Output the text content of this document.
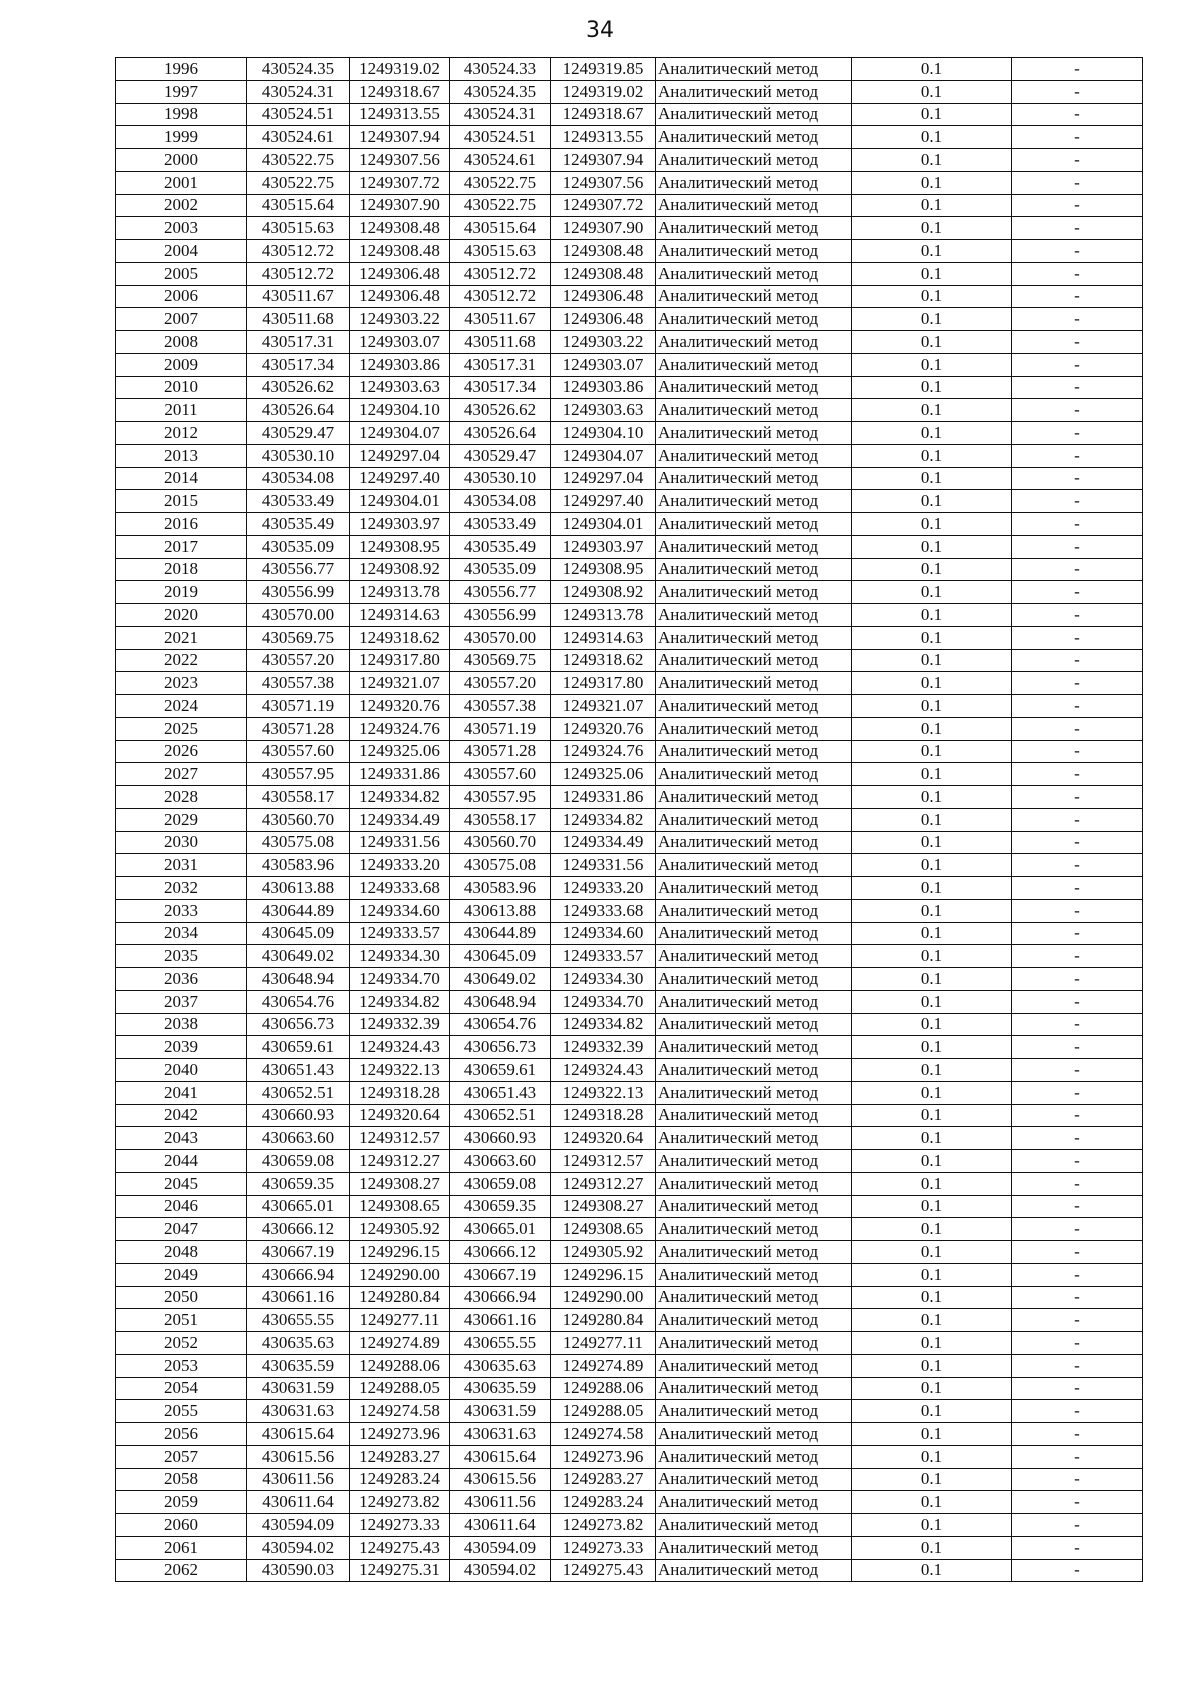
34
1996	430524.35	1249319.02	430524.33	1249319.85	Аналитический метод	0.1	-
1997	430524.31	1249318.67	430524.35	1249319.02	Аналитический метод	0.1	-
1998	430524.51	1249313.55	430524.31	1249318.67	Аналитический метод	0.1	-
1999	430524.61	1249307.94	430524.51	1249313.55	Аналитический метод	0.1	-
2000	430522.75	1249307.56	430524.61	1249307.94	Аналитический метод	0.1	-
2001	430522.75	1249307.72	430522.75	1249307.56	Аналитический метод	0.1	-
2002	430515.64	1249307.90	430522.75	1249307.72	Аналитический метод	0.1	-
2003	430515.63	1249308.48	430515.64	1249307.90	Аналитический метод	0.1	-
2004	430512.72	1249308.48	430515.63	1249308.48	Аналитический метод	0.1	-
2005	430512.72	1249306.48	430512.72	1249308.48	Аналитический метод	0.1	-
2006	430511.67	1249306.48	430512.72	1249306.48	Аналитический метод	0.1	-
2007	430511.68	1249303.22	430511.67	1249306.48	Аналитический метод	0.1	-
2008	430517.31	1249303.07	430511.68	1249303.22	Аналитический метод	0.1	-
2009	430517.34	1249303.86	430517.31	1249303.07	Аналитический метод	0.1	-
2010	430526.62	1249303.63	430517.34	1249303.86	Аналитический метод	0.1	-
2011	430526.64	1249304.10	430526.62	1249303.63	Аналитический метод	0.1	-
2012	430529.47	1249304.07	430526.64	1249304.10	Аналитический метод	0.1	-
2013	430530.10	1249297.04	430529.47	1249304.07	Аналитический метод	0.1	-
2014	430534.08	1249297.40	430530.10	1249297.04	Аналитический метод	0.1	-
2015	430533.49	1249304.01	430534.08	1249297.40	Аналитический метод	0.1	-
2016	430535.49	1249303.97	430533.49	1249304.01	Аналитический метод	0.1	-
2017	430535.09	1249308.95	430535.49	1249303.97	Аналитический метод	0.1	-
2018	430556.77	1249308.92	430535.09	1249308.95	Аналитический метод	0.1	-
2019	430556.99	1249313.78	430556.77	1249308.92	Аналитический метод	0.1	-
2020	430570.00	1249314.63	430556.99	1249313.78	Аналитический метод	0.1	-
2021	430569.75	1249318.62	430570.00	1249314.63	Аналитический метод	0.1	-
2022	430557.20	1249317.80	430569.75	1249318.62	Аналитический метод	0.1	-
2023	430557.38	1249321.07	430557.20	1249317.80	Аналитический метод	0.1	-
2024	430571.19	1249320.76	430557.38	1249321.07	Аналитический метод	0.1	-
2025	430571.28	1249324.76	430571.19	1249320.76	Аналитический метод	0.1	-
2026	430557.60	1249325.06	430571.28	1249324.76	Аналитический метод	0.1	-
2027	430557.95	1249331.86	430557.60	1249325.06	Аналитический метод	0.1	-
2028	430558.17	1249334.82	430557.95	1249331.86	Аналитический метод	0.1	-
2029	430560.70	1249334.49	430558.17	1249334.82	Аналитический метод	0.1	-
2030	430575.08	1249331.56	430560.70	1249334.49	Аналитический метод	0.1	-
2031	430583.96	1249333.20	430575.08	1249331.56	Аналитический метод	0.1	-
2032	430613.88	1249333.68	430583.96	1249333.20	Аналитический метод	0.1	-
2033	430644.89	1249334.60	430613.88	1249333.68	Аналитический метод	0.1	-
2034	430645.09	1249333.57	430644.89	1249334.60	Аналитический метод	0.1	-
2035	430649.02	1249334.30	430645.09	1249333.57	Аналитический метод	0.1	-
2036	430648.94	1249334.70	430649.02	1249334.30	Аналитический метод	0.1	-
2037	430654.76	1249334.82	430648.94	1249334.70	Аналитический метод	0.1	-
2038	430656.73	1249332.39	430654.76	1249334.82	Аналитический метод	0.1	-
2039	430659.61	1249324.43	430656.73	1249332.39	Аналитический метод	0.1	-
2040	430651.43	1249322.13	430659.61	1249324.43	Аналитический метод	0.1	-
2041	430652.51	1249318.28	430651.43	1249322.13	Аналитический метод	0.1	-
2042	430660.93	1249320.64	430652.51	1249318.28	Аналитический метод	0.1	-
2043	430663.60	1249312.57	430660.93	1249320.64	Аналитический метод	0.1	-
2044	430659.08	1249312.27	430663.60	1249312.57	Аналитический метод	0.1	-
2045	430659.35	1249308.27	430659.08	1249312.27	Аналитический метод	0.1	-
2046	430665.01	1249308.65	430659.35	1249308.27	Аналитический метод	0.1	-
2047	430666.12	1249305.92	430665.01	1249308.65	Аналитический метод	0.1	-
2048	430667.19	1249296.15	430666.12	1249305.92	Аналитический метод	0.1	-
2049	430666.94	1249290.00	430667.19	1249296.15	Аналитический метод	0.1	-
2050	430661.16	1249280.84	430666.94	1249290.00	Аналитический метод	0.1	-
2051	430655.55	1249277.11	430661.16	1249280.84	Аналитический метод	0.1	-
2052	430635.63	1249274.89	430655.55	1249277.11	Аналитический метод	0.1	-
2053	430635.59	1249288.06	430635.63	1249274.89	Аналитический метод	0.1	-
2054	430631.59	1249288.05	430635.59	1249288.06	Аналитический метод	0.1	-
2055	430631.63	1249274.58	430631.59	1249288.05	Аналитический метод	0.1	-
2056	430615.64	1249273.96	430631.63	1249274.58	Аналитический метод	0.1	-
2057	430615.56	1249283.27	430615.64	1249273.96	Аналитический метод	0.1	-
2058	430611.56	1249283.24	430615.56	1249283.27	Аналитический метод	0.1	-
2059	430611.64	1249273.82	430611.56	1249283.24	Аналитический метод	0.1	-
2060	430594.09	1249273.33	430611.64	1249273.82	Аналитический метод	0.1	-
2061	430594.02	1249275.43	430594.09	1249273.33	Аналитический метод	0.1	-
2062	430590.03	1249275.31	430594.02	1249275.43	Аналитический метод	0.1	-
